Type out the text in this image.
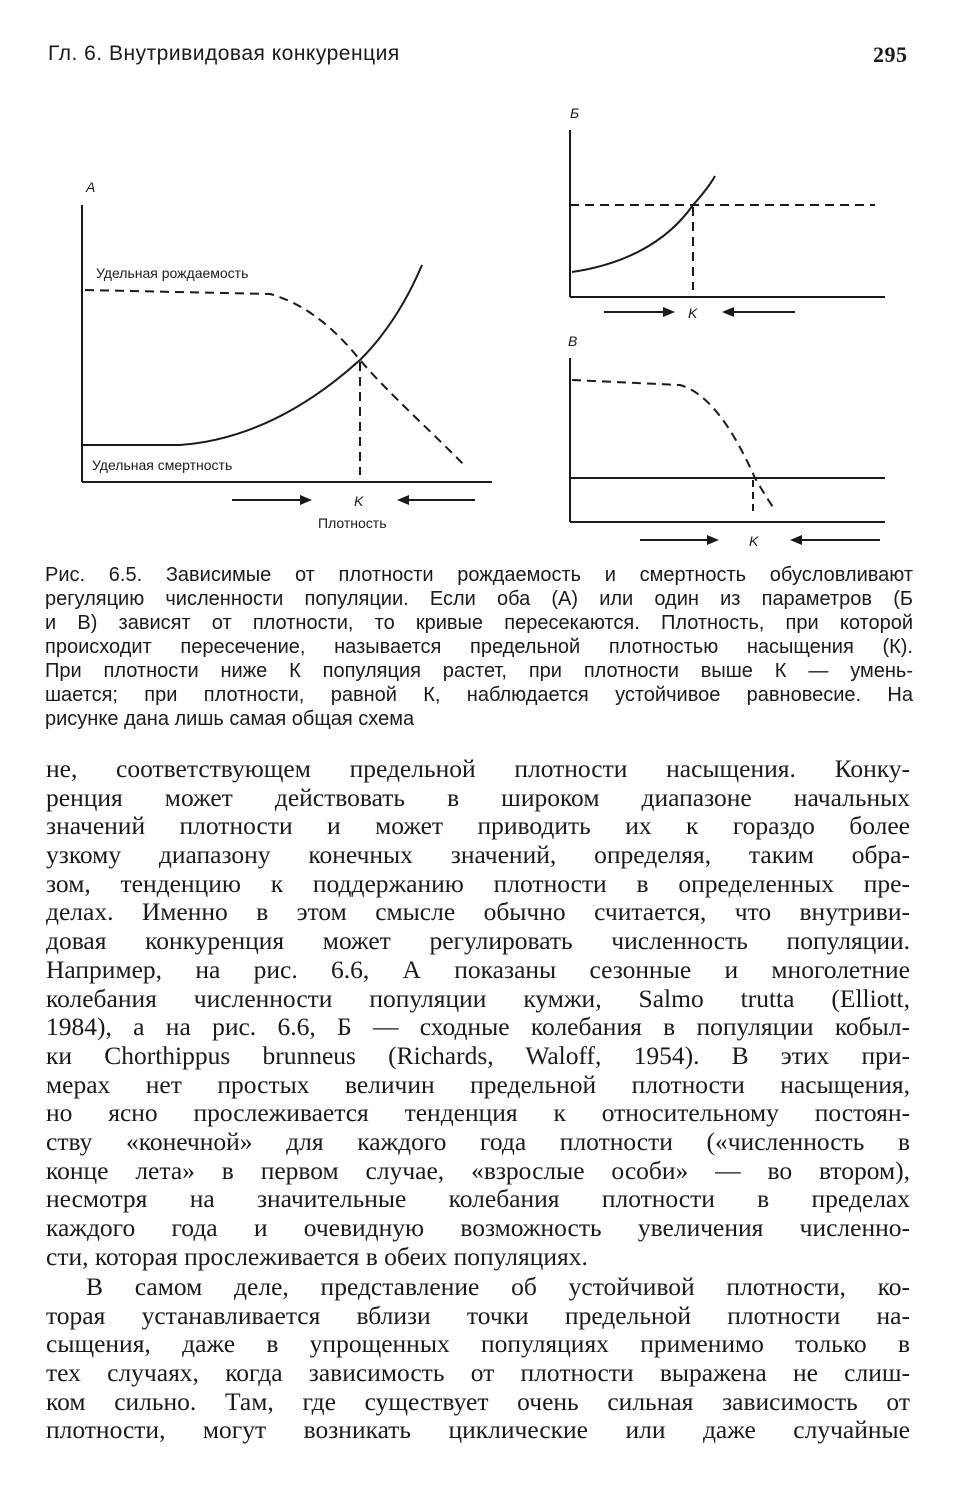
Гл. 6. Внутривидовая конкуренция	295
А
Удельная рождаемость
Удельная смертность
K
Плотность
Б
K
В
K
Рис. 6.5. Зависимые от плотности рождаемость и смертность обусловливают
регуляцию численности популяции. Если оба (А) или один из параметров (Б
и В) зависят от плотности, то кривые пересекаются. Плотность, при которой
происходит пересечение, называется предельной плотностью насыщения (К).
При плотности ниже К популяция растет, при плотности выше К — умень-
шается; при плотности, равной К, наблюдается устойчивое равновесие. На
рисунке дана лишь самая общая схема
не, соответствующем предельной плотности насыщения. Конку-
ренция может действовать в широком диапазоне начальных
значений плотности и может приводить их к гораздо более
узкому диапазону конечных значений, определяя, таким обра-
зом, тенденцию к поддержанию плотности в определенных пре-
делах. Именно в этом смысле обычно считается, что внутриви-
довая конкуренция может регулировать численность популяции.
Например, на рис. 6.6, А показаны сезонные и многолетние
колебания численности популяции кумжи, Salmo trutta (Elliott,
1984), а на рис. 6.6, Б — сходные колебания в популяции кобыл-
ки Chorthippus brunneus (Richards, Waloff, 1954). В этих при-
мерах нет простых величин предельной плотности насыщения,
но ясно прослеживается тенденция к относительному постоян-
ству «конечной» для каждого года плотности («численность в
конце лета» в первом случае, «взрослые особи» — во втором),
несмотря на значительные колебания плотности в пределах
каждого года и очевидную возможность увеличения численно-
сти, которая прослеживается в обеих популяциях.
В самом деле, представление об устойчивой плотности, ко-
торая устанавливается вблизи точки предельной плотности на-
сыщения, даже в упрощенных популяциях применимо только в
тех случаях, когда зависимость от плотности выражена не слиш-
ком сильно. Там, где существует очень сильная зависимость от
плотности, могут возникать циклические или даже случайные
